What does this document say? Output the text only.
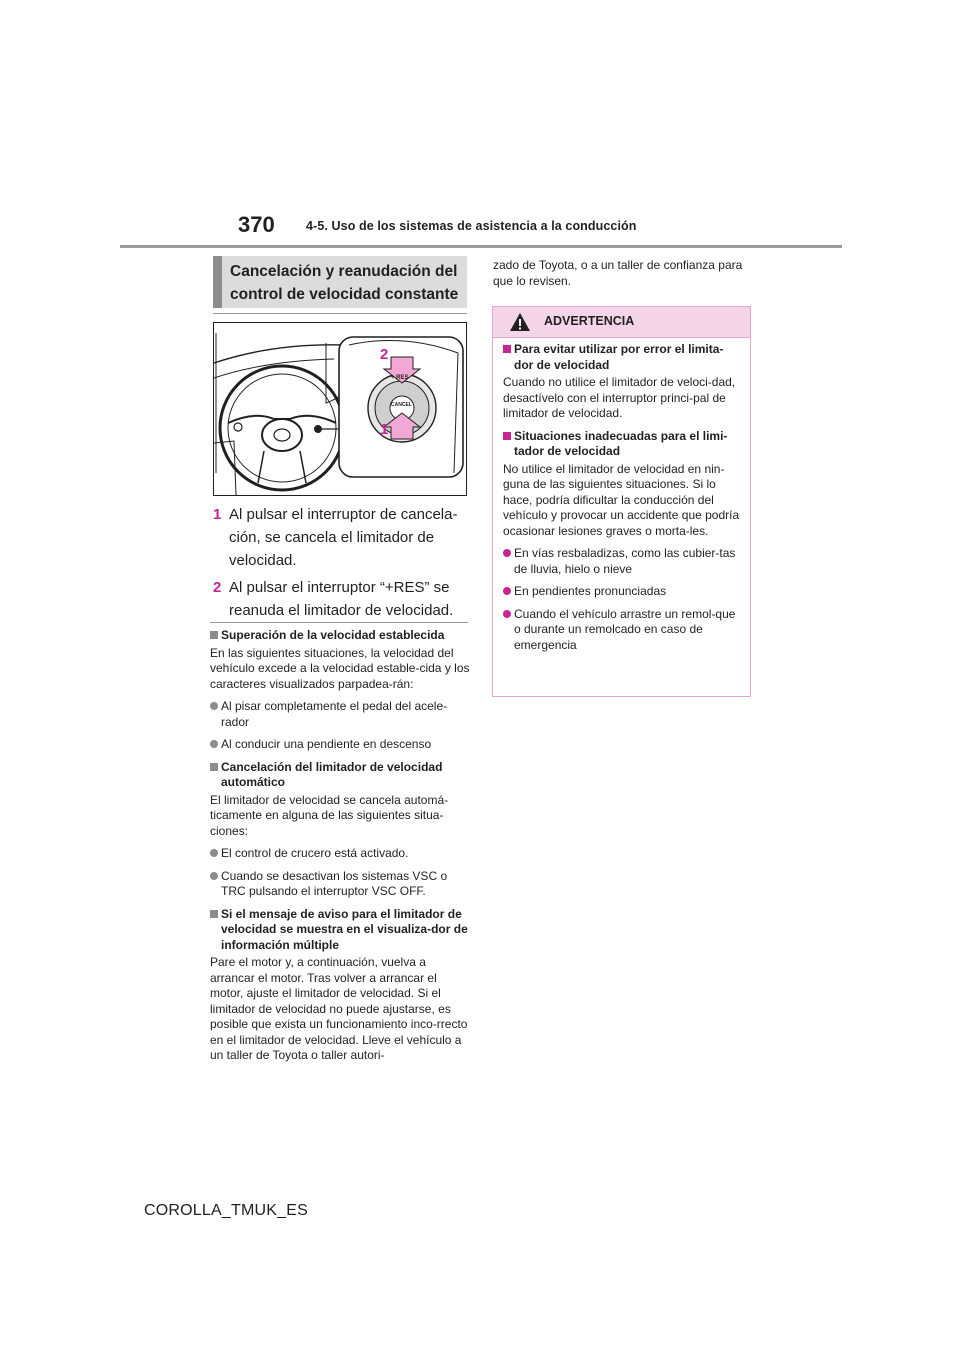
370	4-5. Uso de los sistemas de asistencia a la conducción
Cancelación y reanudación del
control de velocidad constante
+ RES
CANCEL
2
1
1 Al pulsar el interruptor de cancela-ción, se cancela el limitador de velocidad.
2 Al pulsar el interruptor “+RES” se reanuda el limitador de velocidad.
Superación de la velocidad establecida

En las siguientes situaciones, la velocidad del vehículo excede a la velocidad estable-cida y los caracteres visualizados parpadea-rán:

Al pisar completamente el pedal del acele-rador
Al conducir una pendiente en descenso
Cancelación del limitador de velocidad automático

El limitador de velocidad se cancela automá-ticamente en alguna de las siguientes situa-ciones:

El control de crucero está activado.
Cuando se desactivan los sistemas VSC o TRC pulsando el interruptor VSC OFF.
Si el mensaje de aviso para el limitador de velocidad se muestra en el visualiza-dor de información múltiple

Pare el motor y, a continuación, vuelva a arrancar el motor. Tras volver a arrancar el motor, ajuste el limitador de velocidad. Si el limitador de velocidad no puede ajustarse, es posible que exista un funcionamiento inco-rrecto en el limitador de velocidad. Lleve el vehículo a un taller de Toyota o taller autori-

zado de Toyota, o a un taller de confianza para que lo revisen.
ADVERTENCIA
Para evitar utilizar por error el limita-dor de velocidad

Cuando no utilice el limitador de veloci-dad, desactívelo con el interruptor princi-pal de limitador de velocidad.

Situaciones inadecuadas para el limi-tador de velocidad

No utilice el limitador de velocidad en nin-guna de las siguientes situaciones. Si lo hace, podría dificultar la conducción del vehículo y provocar un accidente que podría ocasionar lesiones graves o morta-les.

En vías resbaladizas, como las cubier-tas de lluvia, hielo o nieve
En pendientes pronunciadas
Cuando el vehículo arrastre un remol-que o durante un remolcado en caso de emergencia
COROLLA_TMUK_ES
